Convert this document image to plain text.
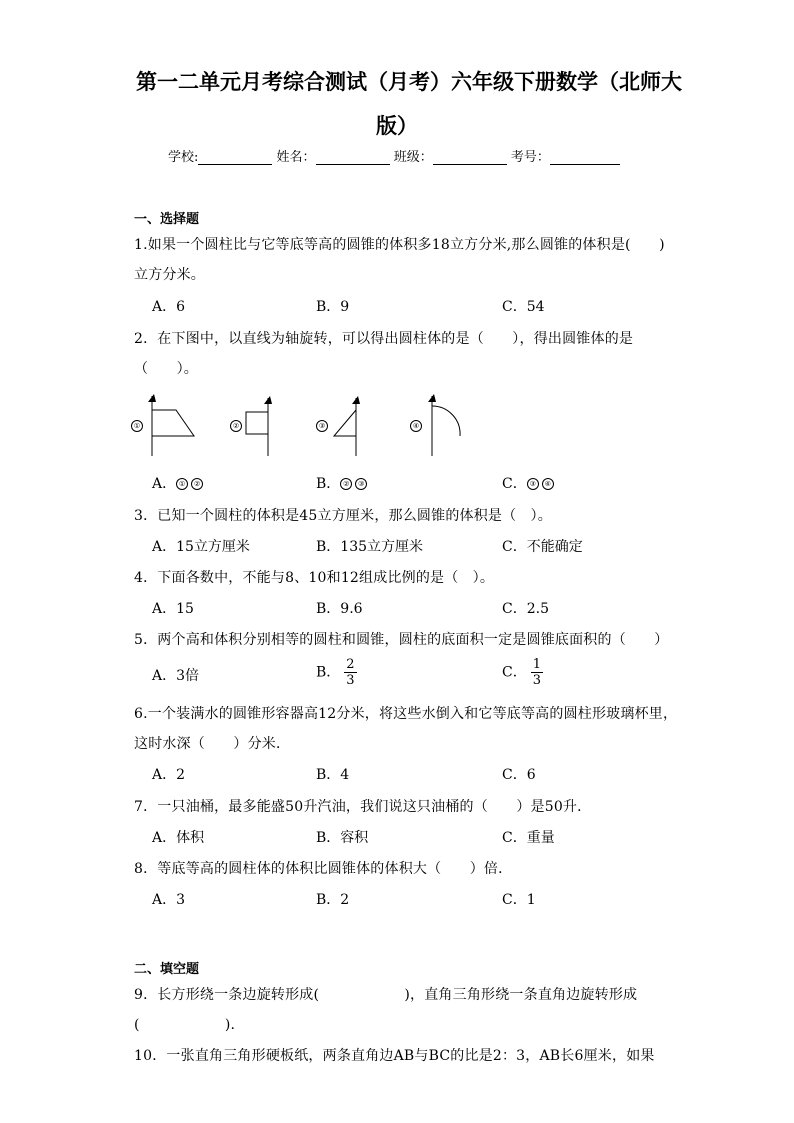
第一二单元月考综合测试（月考）六年级下册数学（北师大
版）
学校:	姓名：	班级：	考号：
一、选择题
1.如果一个圆柱比与它等底等高的圆锥的体积多18立方分米,那么圆锥的体积是(　　)
立方分米。
A．6	B．9	C．54
2．在下图中，以直线为轴旋转，可以得出圆柱体的是（　　），得出圆锥体的是
（　　）。
①	②	③	④
A． ① ②	B． ② ③	C． ③ ④
3．已知一个圆柱的体积是45立方厘米，那么圆锥的体积是（　）。
A．15立方厘米	B．135立方厘米	C．不能确定
4．下面各数中，不能与8、10和12组成比例的是（　）。
A．15	B．9.6	C．2.5
5．两个高和体积分别相等的圆柱和圆锥，圆柱的底面积一定是圆锥底面积的（　　）
A．3倍	B． $\frac{2}{3}$	C． $\frac{1}{3}$
6.一个装满水的圆锥形容器高12分米，将这些水倒入和它等底等高的圆柱形玻璃杯里，
这时水深（　　）分米．
A．2	B．4	C．6
7．一只油桶，最多能盛50升汽油，我们说这只油桶的（　　）是50升．
A．体积	B．容积	C．重量
8．等底等高的圆柱体的体积比圆锥体的体积大（　　）倍．
A．3	B．2	C．1
二、填空题
9．长方形绕一条边旋转形成(　　　　　　)，直角三角形绕一条直角边旋转形成
(　　　　　　).
10．一张直角三角形硬板纸，两条直角边AB与BC的比是2：3，AB长6厘米，如果
